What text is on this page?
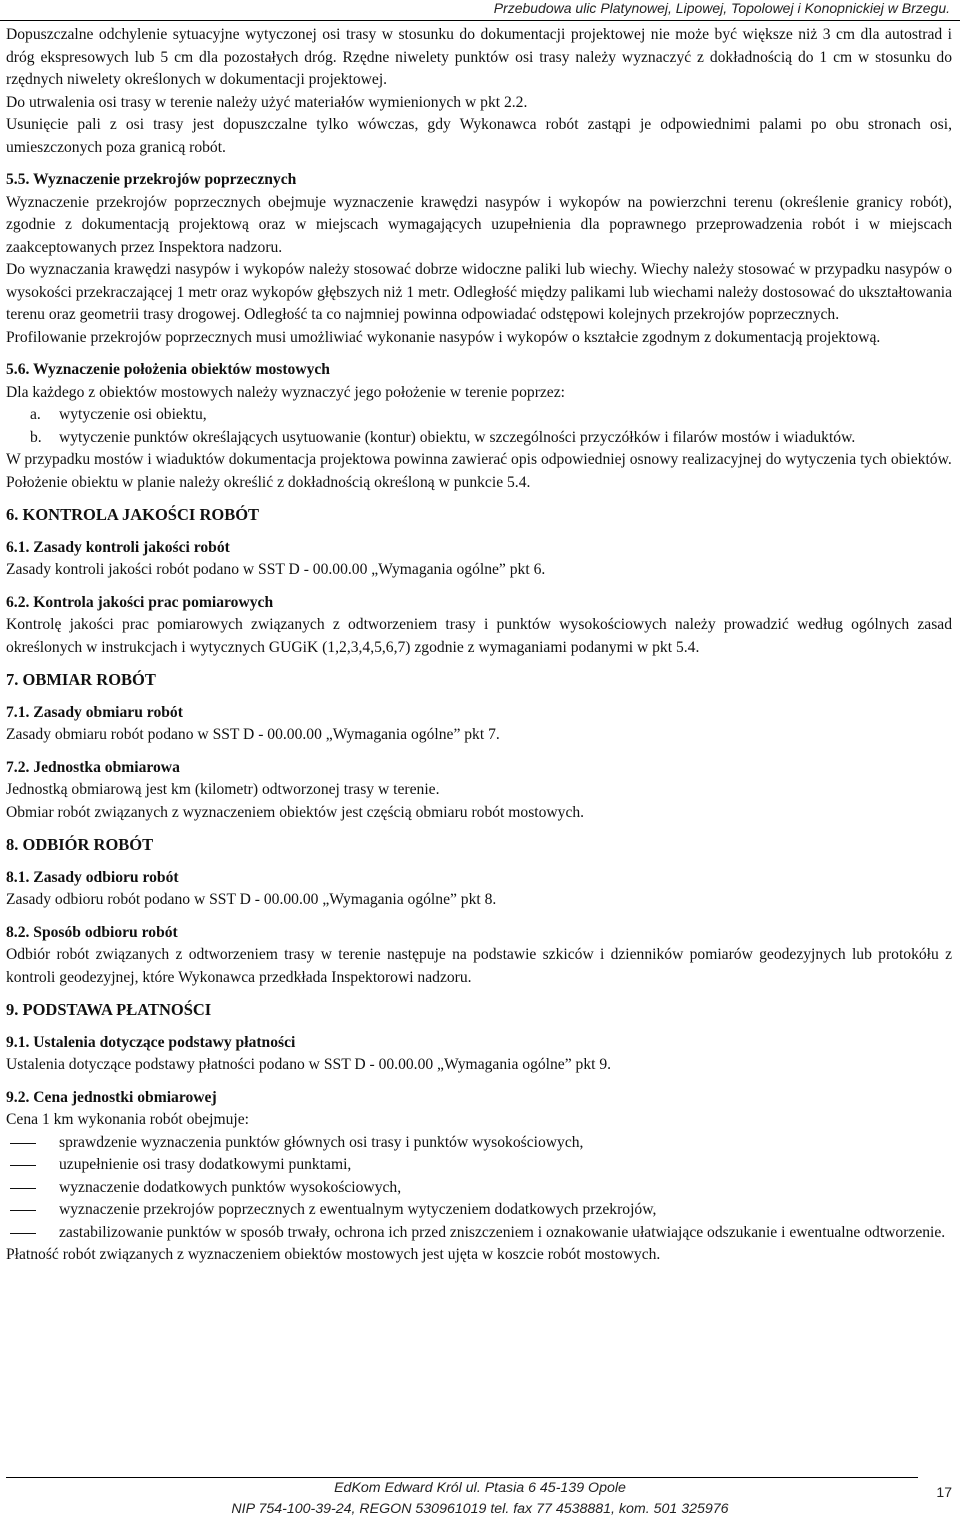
Przebudowa ulic Platynowej, Lipowej, Topolowej i Konopnickiej w Brzegu.

Dopuszczalne odchylenie sytuacyjne wytyczonej osi trasy w stosunku do dokumentacji projektowej nie może być większe niż 3 cm dla autostrad i dróg ekspresowych lub 5 cm dla pozostałych dróg. Rzędne niwelety punktów osi trasy należy wyznaczyć z dokładnością do 1 cm w stosunku do rzędnych niwelety określonych w dokumentacji projektowej.

Do utrwalenia osi trasy w terenie należy użyć materiałów wymienionych w pkt 2.2.

Usunięcie pali z osi trasy jest dopuszczalne tylko wówczas, gdy Wykonawca robót zastąpi je odpowiednimi palami po obu stronach osi, umieszczonych poza granicą robót.

5.5. Wyznaczenie przekrojów poprzecznych

Wyznaczenie przekrojów poprzecznych obejmuje wyznaczenie krawędzi nasypów i wykopów na powierzchni terenu (określenie granicy robót), zgodnie z dokumentacją projektową oraz w miejscach wymagających uzupełnienia dla poprawnego przeprowadzenia robót i w miejscach zaakceptowanych przez Inspektora nadzoru.

Do wyznaczania krawędzi nasypów i wykopów należy stosować dobrze widoczne paliki lub wiechy. Wiechy należy stosować w przypadku nasypów o wysokości przekraczającej 1 metr oraz wykopów głębszych niż 1 metr. Odległość między palikami lub wiechami należy dostosować do ukształtowania terenu oraz geometrii trasy drogowej. Odległość ta co najmniej powinna odpowiadać odstępowi kolejnych przekrojów poprzecznych.

Profilowanie przekrojów poprzecznych musi umożliwiać wykonanie nasypów i wykopów o kształcie zgodnym z dokumentacją projektową.

5.6. Wyznaczenie położenia obiektów mostowych

Dla każdego z obiektów mostowych należy wyznaczyć jego położenie w terenie poprzez:

a. wytyczenie osi obiektu,
b. wytyczenie punktów określających usytuowanie (kontur) obiektu, w szczególności przyczółków i filarów mostów i wiaduktów.

W przypadku mostów i wiaduktów dokumentacja projektowa powinna zawierać opis odpowiedniej osnowy realizacyjnej do wytyczenia tych obiektów.

Położenie obiektu w planie należy określić z dokładnością określoną w punkcie 5.4.

6. KONTROLA JAKOŚCI ROBÓT

6.1. Zasady kontroli jakości robót

Zasady kontroli jakości robót podano w SST D - 00.00.00 „Wymagania ogólne” pkt 6.

6.2. Kontrola jakości prac pomiarowych

Kontrolę jakości prac pomiarowych związanych z odtworzeniem trasy i punktów wysokościowych należy prowadzić według ogólnych zasad określonych w instrukcjach i wytycznych GUGiK (1,2,3,4,5,6,7) zgodnie z wymaganiami podanymi w pkt 5.4.

7. OBMIAR ROBÓT

7.1. Zasady obmiaru robót

Zasady obmiaru robót podano w SST D - 00.00.00 „Wymagania ogólne” pkt 7.

7.2. Jednostka obmiarowa

Jednostką obmiarową jest km (kilometr) odtworzonej trasy w terenie.

Obmiar robót związanych z wyznaczeniem obiektów jest częścią obmiaru robót mostowych.

8. ODBIÓR ROBÓT

8.1. Zasady odbioru robót

Zasady odbioru robót podano w SST D - 00.00.00 „Wymagania ogólne” pkt 8.

8.2. Sposób odbioru robót

Odbiór robót związanych z odtworzeniem trasy w terenie następuje na podstawie szkiców i dzienników pomiarów geodezyjnych lub protokółu z kontroli geodezyjnej, które Wykonawca przedkłada Inspektorowi nadzoru.

9. PODSTAWA PŁATNOŚCI

9.1. Ustalenia dotyczące podstawy płatności

Ustalenia dotyczące podstawy płatności podano w SST D - 00.00.00 „Wymagania ogólne” pkt 9.

9.2. Cena jednostki obmiarowej

Cena 1 km wykonania robót obejmuje:

sprawdzenie wyznaczenia punktów głównych osi trasy i punktów wysokościowych,
uzupełnienie osi trasy dodatkowymi punktami,
wyznaczenie dodatkowych punktów wysokościowych,
wyznaczenie przekrojów poprzecznych z ewentualnym wytyczeniem dodatkowych przekrojów,
zastabilizowanie punktów w sposób trwały, ochrona ich przed zniszczeniem i oznakowanie ułatwiające odszukanie i ewentualne odtworzenie.

Płatność robót związanych z wyznaczeniem obiektów mostowych jest ujęta w koszcie robót mostowych.

EdKom Edward Król ul. Ptasia 6 45-139 Opole
NIP 754-100-39-24, REGON 530961019 tel. fax 77 4538881, kom. 501 325976
17
